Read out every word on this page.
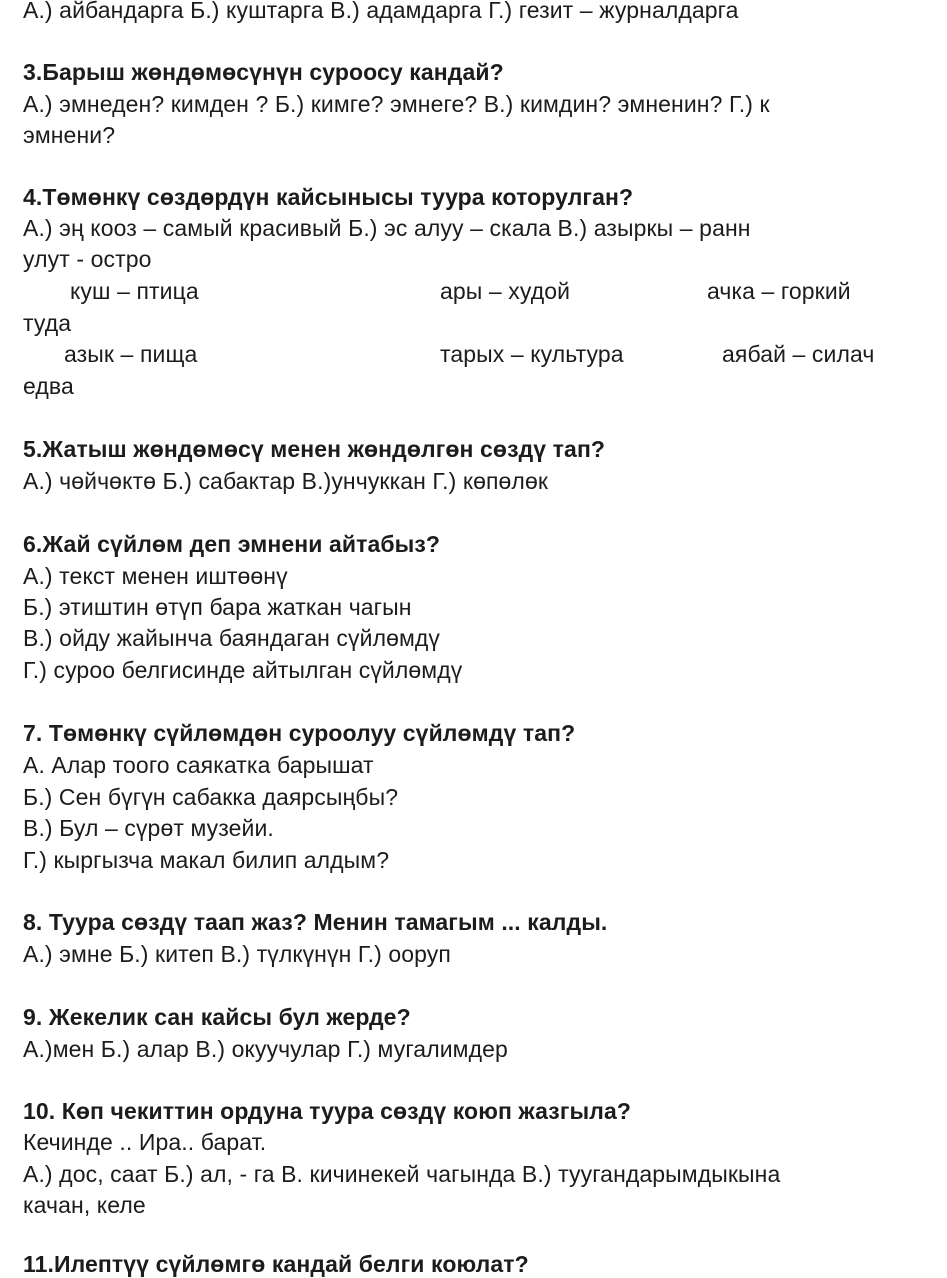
А.) айбандарга Б.) куштарга В.) адамдарга Г.) гезит – журналдарга
3.Барыш жөндөмөсүнүн суроосу кандай?
А.) эмнеден? кимден ? Б.) кимге? эмнеге? В.) кимдин? эмненин? Г.) к
эмнени?
4.Төмөнкү сөздөрдүн кайсынысы туура которулган?
А.) эң кооз – самый красивый Б.) эс алуу – скала В.) азыркы – ранн
улут - остро
куш – птица	ары – худой	ачка – горкий
туда
азык – пища	тарых – культура	аябай – силач
едва
5.Жатыш жөндөмөсү менен жөндөлгөн сөздү тап?
А.) чөйчөктө Б.) сабактар В.)унчуккан Г.) көпөлөк
6.Жай сүйлөм деп эмнени айтабыз?
А.) текст менен иштөөнү
Б.) этиштин өтүп бара жаткан чагын
В.) ойду жайынча баяндаган сүйлөмдү
Г.) суроо белгисинде айтылган сүйлөмдү
7. Төмөнкү сүйлөмдөн суроолуу сүйлөмдү тап?
А. Алар тоого саякатка барышат
Б.) Сен бүгүн сабакка даярсыңбы?
В.) Бул – сүрөт музейи.
Г.) кыргызча макал билип алдым?
8. Туура сөздү таап жаз? Менин тамагым ... калды.
А.) эмне Б.) китеп В.) түлкүнүн Г.) ооруп
9. Жекелик сан кайсы бул жерде?
А.)мен Б.) алар В.) окуучулар Г.) мугалимдер
10. Көп чекиттин ордуна туура сөздү коюп жазгыла?
Кечинде .. Ира.. барат.
А.) дос, саат Б.) ал, - га В. кичинекей чагында В.) туугандарымдыкына
качан, келе
11.Илептүү сүйлөмгө кандай белги коюлат?
